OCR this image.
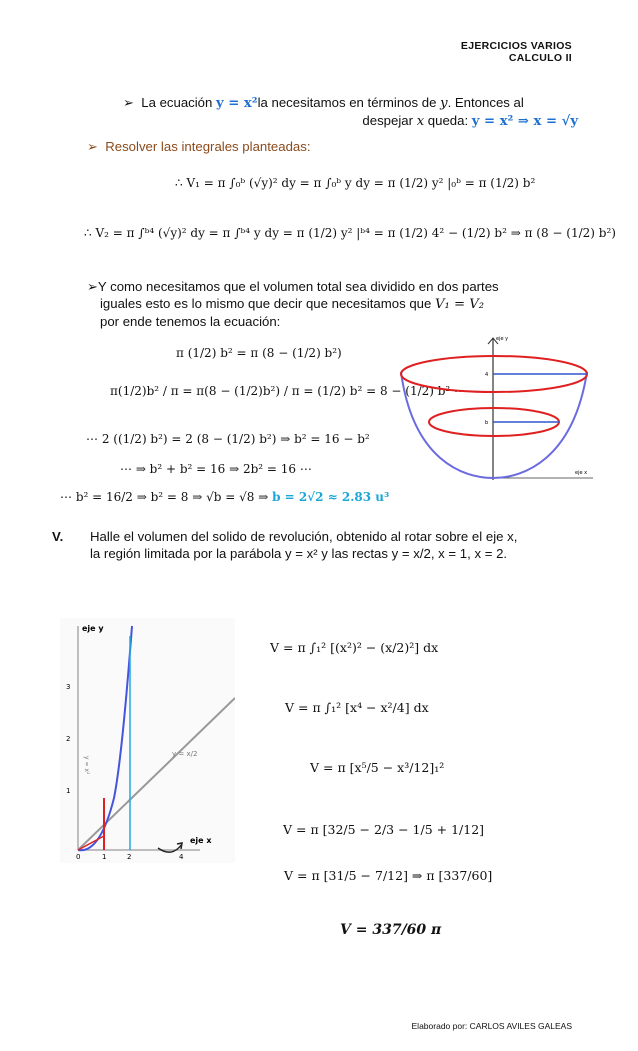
EJERCICIOS VARIOS
CALCULO II
➢ La ecuación y = x²la necesitamos en términos de y. Entonces al
despejar x queda: y = x² ⇒ x = √y
➢ Resolver las integrales planteadas:
∴ V₁ = π ∫₀ᵇ (√y)² dy = π ∫₀ᵇ y dy = π (1/2) y² |₀ᵇ = π (1/2) b²
∴ V₂ = π ∫ᵇ⁴ (√y)² dy = π ∫ᵇ⁴ y dy = π (1/2) y² |ᵇ⁴ = π (1/2) 4² − (1/2) b² ⇒ π (8 − (1/2) b²)
➢Y como necesitamos que el volumen total sea dividido en dos partes
iguales esto es lo mismo que decir que necesitamos que V₁ = V₂
por ende tenemos la ecuación:
π (1/2) b² = π (8 − (1/2) b²)
π(1/2)b² / π = π(8 − (1/2)b²) / π = (1/2) b² = 8 − (1/2) b² ⋯
⋯ 2 ((1/2) b²) = 2 (8 − (1/2) b²) ⇒ b² = 16 − b²
⋯ ⇒ b² + b² = 16 ⇒ 2b² = 16 ⋯
⋯ b² = 16/2 ⇒ b² = 8 ⇒ √b = √8 ⇒ b = 2√2 ≈ 2.83 u³
eje y
eje x
4
b
V. Halle el volumen del solido de revolución, obtenido al rotar sobre el eje x,
la región limitada por la parábola y = x² y las rectas y = x/2, x = 1, x = 2.
eje y
eje x
1
2
3
0	1	2	4
y = x/2
y = x²
V = π ∫₁² [(x²)² − (x/2)²] dx
V = π ∫₁² [x⁴ − x²/4] dx
V = π [x⁵/5 − x³/12]₁²
V = π [32/5 − 2/3 − 1/5 + 1/12]
V = π [31/5 − 7/12] ⇒ π [337/60]
V = 337/60 π
Elaborado por: CARLOS AVILES GALEAS
